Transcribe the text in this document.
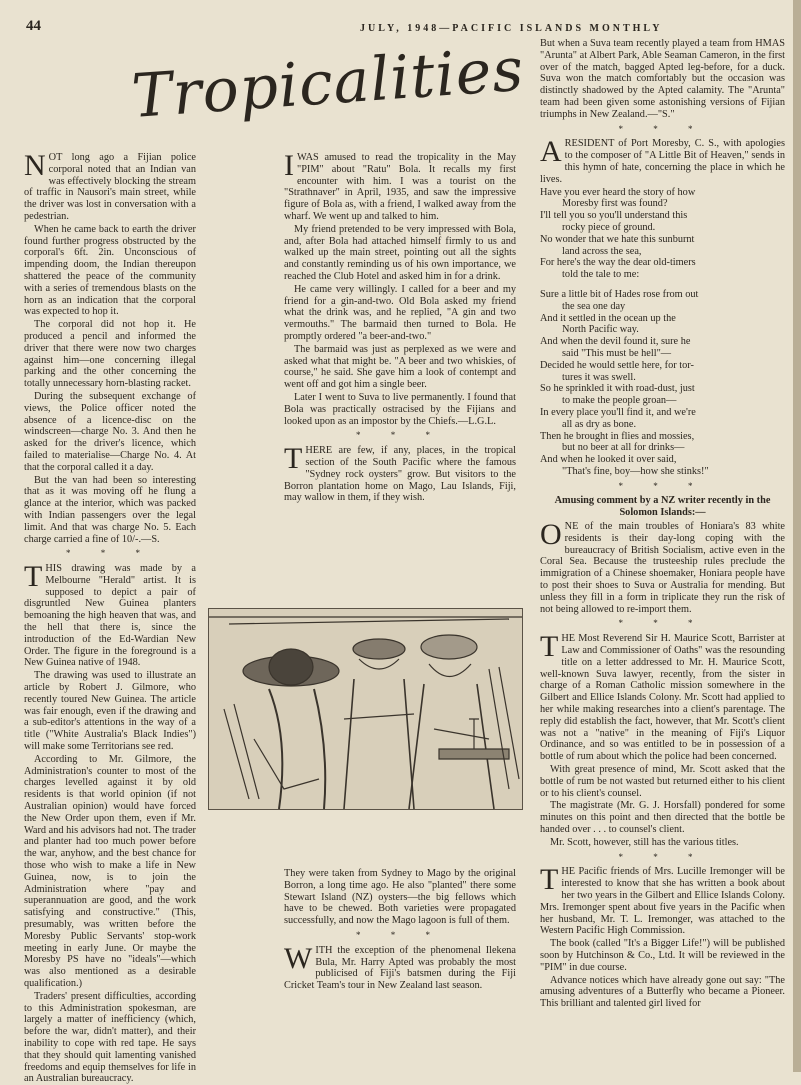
44	JULY, 1948—PACIFIC ISLANDS MONTHLY
Tropicalities

NOT long ago a Fijian police corporal noted that an Indian van was effectively blocking the stream of traffic in Nausori's main street, while the driver was lost in conversation with a pedestrian.

When he came back to earth the driver found further progress obstructed by the corporal's 6ft. 2in. Unconscious of impending doom, the Indian thereupon shattered the peace of the community with a series of tremendous blasts on the horn as an indication that the corporal was expected to hop it.

The corporal did not hop it. He produced a pencil and informed the driver that there were now two charges against him—one concerning illegal parking and the other concerning the totally unnecessary horn-blasting racket.

During the subsequent exchange of views, the Police officer noted the absence of a licence-disc on the windscreen—charge No. 3. And then he asked for the driver's licence, which failed to materialise—Charge No. 4. At that the corporal called it a day.

But the van had been so interesting that as it was moving off he flung a glance at the interior, which was packed with Indian passengers over the legal limit. And that was charge No. 5. Each charge carried a fine of 10/-.—S.

* * *

THIS drawing was made by a Melbourne "Herald" artist. It is supposed to depict a pair of disgruntled New Guinea planters bemoaning the high heaven that was, and the hell that there is, since the introduction of the Ed-Wardian New Order. The figure in the foreground is a New Guinea native of 1948.

The drawing was used to illustrate an article by Robert J. Gilmore, who recently toured New Guinea. The article was fair enough, even if the drawing and a sub-editor's attentions in the way of a title ("White Australia's Black Indies") will make some Territorians see red.

According to Mr. Gilmore, the Administration's counter to most of the charges levelled against it by old residents is that world opinion (if not Australian opinion) would have forced the New Order upon them, even if Mr. Ward and his advisors had not. The trader and planter had too much power before the war, anyhow, and the best chance for those who wish to make a life in New Guinea, now, is to join the Administration where "pay and superannuation are good, and the work satisfying and constructive." (This, presumably, was written before the Moresby Public Servants' stop-work meeting in early June. Or maybe the Moresby PS have no "ideals"—which was also mentioned as a desirable qualification.)

Traders' present difficulties, according to this Administration spokesman, are largely a matter of inefficiency (which, before the war, didn't matter), and their inability to cope with red tape. He says that they should quit lamenting vanished freedoms and equip themselves for life in an Australian bureaucracy.

IWAS amused to read the tropicality in the May "PIM" about "Ratu" Bola. It recalls my first encounter with him. I was a tourist on the "Strathnaver" in April, 1935, and saw the impressive figure of Bola as, with a friend, I walked away from the wharf. We went up and talked to him.

My friend pretended to be very impressed with Bola, and, after Bola had attached himself firmly to us and walked up the main street, pointing out all the sights and constantly reminding us of his own importance, we reached the Club Hotel and asked him in for a drink.

He came very willingly. I called for a beer and my friend for a gin-and-two. Old Bola asked my friend what the drink was, and he replied, "A gin and two vermouths." The barmaid then turned to Bola. He promptly ordered "a beer-and-two."

The barmaid was just as perplexed as we were and asked what that might be. "A beer and two whiskies, of course," he said. She gave him a look of contempt and went off and got him a single beer.

Later I went to Suva to live permanently. I found that Bola was practically ostracised by the Fijians and looked upon as an impostor by the Chiefs.—L.G.L.

* * *

THERE are few, if any, places, in the tropical section of the South Pacific where the famous "Sydney rock oysters" grow. But visitors to the Borron plantation home on Mago, Lau Islands, Fiji, may wallow in them, if they wish.

They were taken from Sydney to Mago by the original Borron, a long time ago. He also "planted" there some Stewart Island (NZ) oysters—the big fellows which have to be chewed. Both varieties were propagated successfully, and now the Mago lagoon is full of them.

* * *

WITH the exception of the phenomenal Ilekena Bula, Mr. Harry Apted was probably the most publicised of Fiji's batsmen during the Fiji Cricket Team's tour in New Zealand last season.

But when a Suva team recently played a team from HMAS "Arunta" at Albert Park, Able Seaman Cameron, in the first over of the match, bagged Apted leg-before, for a duck. Suva won the match comfortably but the occasion was distinctly shadowed by the Apted calamity. The "Arunta" team had been given some astonishing versions of Fijian triumphs in New Zealand.—"S."

* * *

ARESIDENT of Port Moresby, C. S., with apologies to the composer of "A Little Bit of Heaven," sends in this hymn of hate, concerning the place in which he lives.

Have you ever heard the story of how
Moresby first was found?
I'll tell you so you'll understand this
rocky piece of ground.
No wonder that we hate this sunburnt
land across the sea,
For here's the way the dear old-timers
told the tale to me:
Sure a little bit of Hades rose from out
the sea one day
And it settled in the ocean up the
North Pacific way.
And when the devil found it, sure he
said "This must be hell"—
Decided he would settle here, for tor-
tures it was swell.
So he sprinkled it with road-dust, just
to make the people groan—
In every place you'll find it, and we're
all as dry as bone.
Then he brought in flies and mossies,
but no beer at all for drinks—
And when he looked it over said,
"That's fine, boy—how she stinks!"
* * *
Amusing comment by a NZ writer recently in the Solomon Islands:—

ONE of the main troubles of Honiara's 83 white residents is their day-long coping with the bureaucracy of British Socialism, active even in the Coral Sea. Because the trusteeship rules preclude the immigration of a Chinese shoemaker, Honiara people have to post their shoes to Suva or Australia for mending. But unless they fill in a form in triplicate they run the risk of not being allowed to re-import them.

* * *

THE Most Reverend Sir H. Maurice Scott, Barrister at Law and Commissioner of Oaths" was the resounding title on a letter addressed to Mr. H. Maurice Scott, well-known Suva lawyer, recently, from the sister in charge of a Roman Catholic mission somewhere in the Gilbert and Ellice Islands Colony. Mr. Scott had applied to her while making researches into a client's parentage. The reply did establish the fact, however, that Mr. Scott's client was not a "native" in the meaning of Fiji's Liquor Ordinance, and so was entitled to be in possession of a bottle of rum about which the police had been concerned.

With great presence of mind, Mr. Scott asked that the bottle of rum be not wasted but returned either to his client or to his client's counsel.

The magistrate (Mr. G. J. Horsfall) pondered for some minutes on this point and then directed that the bottle be handed over . . . to counsel's client.

Mr. Scott, however, still has the various titles.

* * *

THE Pacific friends of Mrs. Lucille Iremonger will be interested to know that she has written a book about her two years in the Gilbert and Ellice Islands Colony. Mrs. Iremonger spent about five years in the Pacific when her husband, Mr. T. L. Iremonger, was attached to the Western Pacific High Commission.

The book (called "It's a Bigger Life!") will be published soon by Hutchinson & Co., Ltd. It will be reviewed in the "PIM" in due course.

Advance notices which have already gone out say: "The amusing adventures of a Butterfly who became a Pioneer. This brilliant and talented girl lived for
